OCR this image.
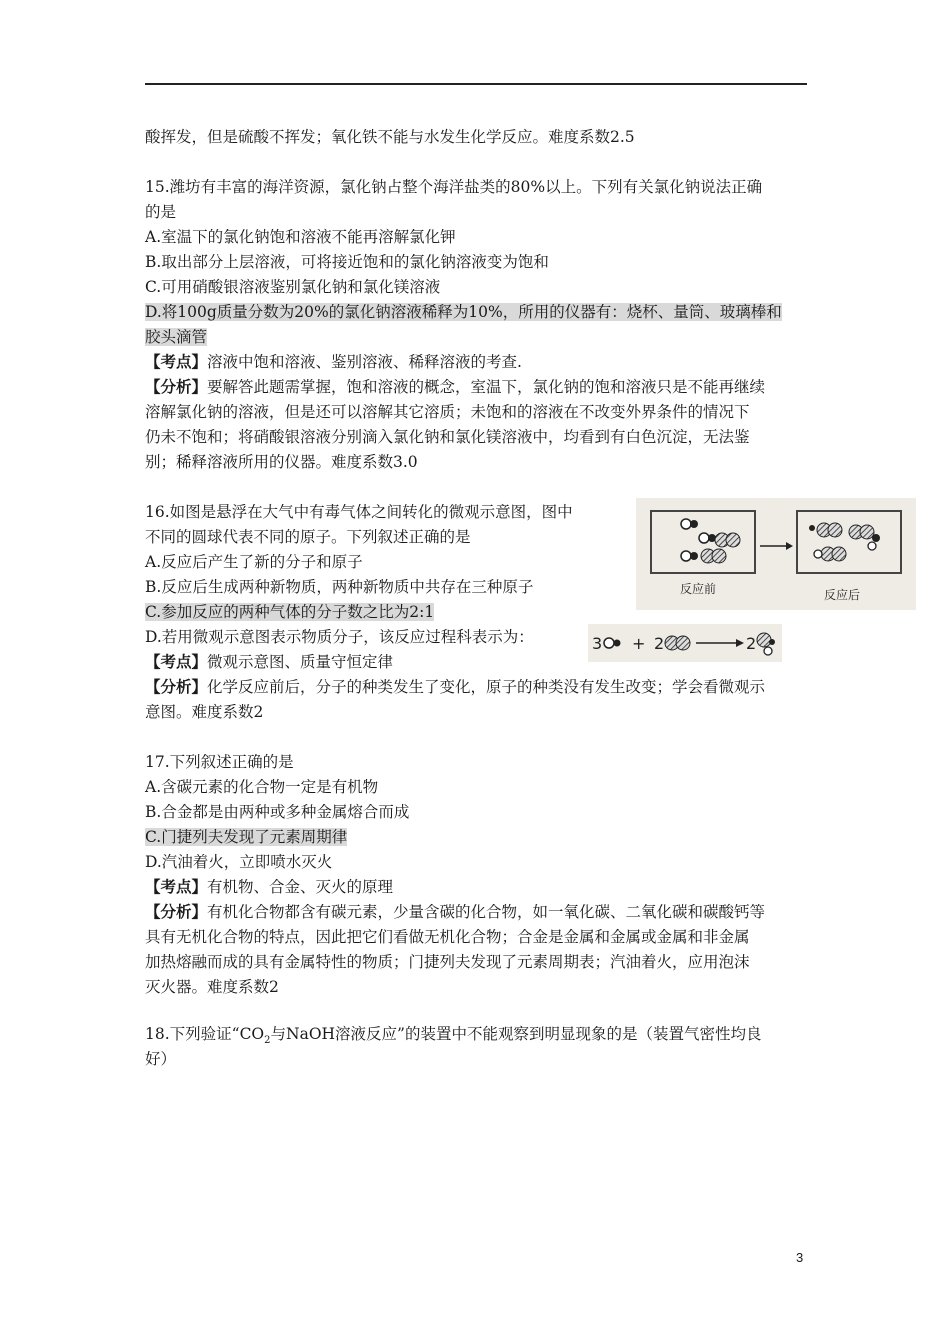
酸挥发，但是硫酸不挥发；氧化铁不能与水发生化学反应。难度系数2.5
15.潍坊有丰富的海洋资源，氯化钠占整个海洋盐类的80%以上。下列有关氯化钠说法正确
的是
A.室温下的氯化钠饱和溶液不能再溶解氯化钾
B.取出部分上层溶液，可将接近饱和的氯化钠溶液变为饱和
C.可用硝酸银溶液鉴别氯化钠和氯化镁溶液
D.将100g质量分数为20%的氯化钠溶液稀释为10%，所用的仪器有：烧杯、量筒、玻璃棒和
胶头滴管
【考点】溶液中饱和溶液、鉴别溶液、稀释溶液的考查.
【分析】要解答此题需掌握，饱和溶液的概念，室温下，氯化钠的饱和溶液只是不能再继续
溶解氯化钠的溶液，但是还可以溶解其它溶质；未饱和的溶液在不改变外界条件的情况下
仍未不饱和；将硝酸银溶液分别滴入氯化钠和氯化镁溶液中，均看到有白色沉淀，无法鉴
别；稀释溶液所用的仪器。难度系数3.0
16.如图是悬浮在大气中有毒气体之间转化的微观示意图，图中
不同的圆球代表不同的原子。下列叙述正确的是
A.反应后产生了新的分子和原子
B.反应后生成两种新物质，两种新物质中共存在三种原子
C.参加反应的两种气体的分子数之比为2:1
D.若用微观示意图表示物质分子，该反应过程科表示为：
【考点】微观示意图、质量守恒定律
【分析】化学反应前后，分子的种类发生了变化，原子的种类没有发生改变；学会看微观示
意图。难度系数2
反应前	反应后
3 + 2	2
17.下列叙述正确的是
A.含碳元素的化合物一定是有机物
B.合金都是由两种或多种金属熔合而成
C.门捷列夫发现了元素周期律
D.汽油着火，立即喷水灭火
【考点】有机物、合金、灭火的原理
【分析】有机化合物都含有碳元素，少量含碳的化合物，如一氧化碳、二氧化碳和碳酸钙等
具有无机化合物的特点，因此把它们看做无机化合物；合金是金属和金属或金属和非金属
加热熔融而成的具有金属特性的物质；门捷列夫发现了元素周期表；汽油着火，应用泡沫
灭火器。难度系数2
18.下列验证“$CO_2$与NaOH溶液反应”的装置中不能观察到明显现象的是（装置气密性均良
好）
3
